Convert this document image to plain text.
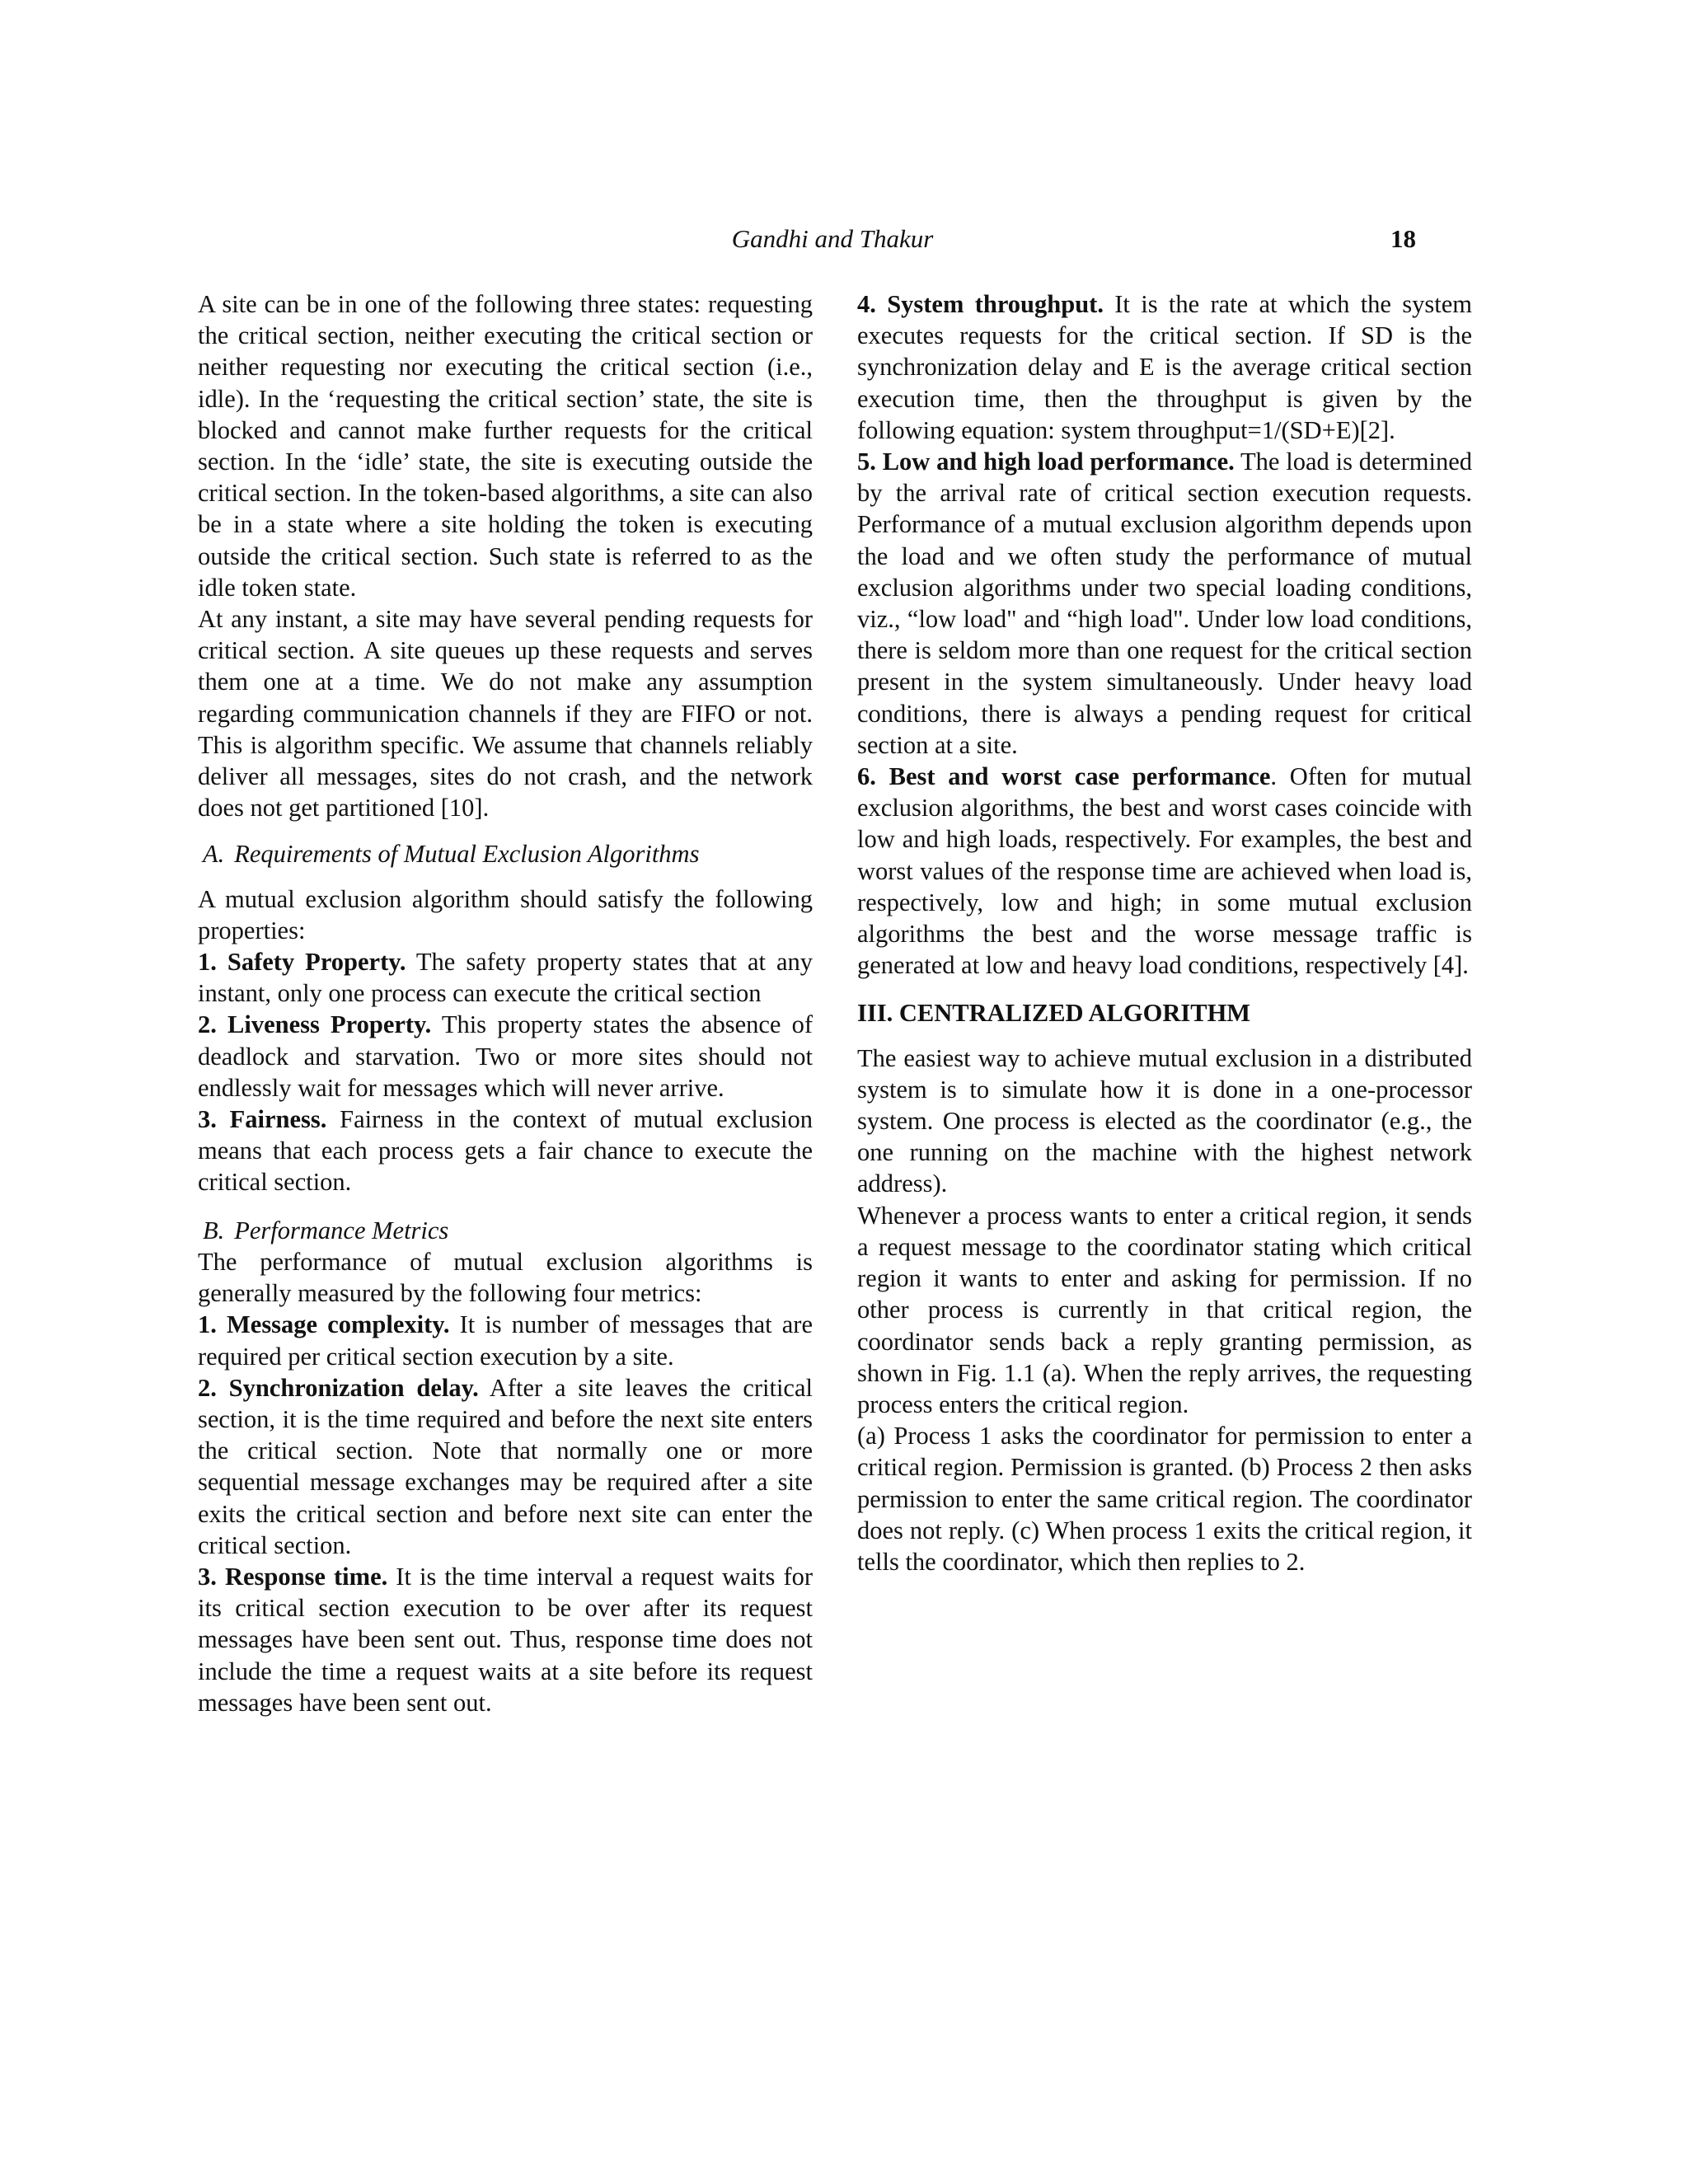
Gandhi and Thakur	18

A site can be in one of the following three states: requesting the critical section, neither executing the critical section or neither requesting nor executing the critical section (i.e., idle). In the ‘requesting the critical section’ state, the site is blocked and cannot make further requests for the critical section. In the ‘idle’ state, the site is executing outside the critical section. In the token-based algorithms, a site can also be in a state where a site holding the token is executing outside the critical section. Such state is referred to as the idle token state.

At any instant, a site may have several pending requests for critical section. A site queues up these requests and serves them one at a time. We do not make any assumption regarding communication channels if they are FIFO or not. This is algorithm specific. We assume that channels reliably deliver all messages, sites do not crash, and the network does not get partitioned [10].

A. Requirements of Mutual Exclusion Algorithms

A mutual exclusion algorithm should satisfy the following properties:

1. Safety Property. The safety property states that at any instant, only one process can execute the critical section

2. Liveness Property. This property states the absence of deadlock and starvation. Two or more sites should not endlessly wait for messages which will never arrive.

3. Fairness. Fairness in the context of mutual exclusion means that each process gets a fair chance to execute the critical section.

B. Performance Metrics

The performance of mutual exclusion algorithms is generally measured by the following four metrics:

1. Message complexity. It is number of messages that are required per critical section execution by a site.

2. Synchronization delay. After a site leaves the critical section, it is the time required and before the next site enters the critical section. Note that normally one or more sequential message exchanges may be required after a site exits the critical section and before next site can enter the critical section.

3. Response time. It is the time interval a request waits for its critical section execution to be over after its request messages have been sent out. Thus, response time does not include the time a request waits at a site before its request messages have been sent out.

4. System throughput. It is the rate at which the system executes requests for the critical section. If SD is the synchronization delay and E is the average critical section execution time, then the throughput is given by the following equation: system throughput=1/(SD+E)[2].

5. Low and high load performance. The load is determined by the arrival rate of critical section execution requests. Performance of a mutual exclusion algorithm depends upon the load and we often study the performance of mutual exclusion algorithms under two special loading conditions, viz., “low load" and “high load". Under low load conditions, there is seldom more than one request for the critical section present in the system simultaneously. Under heavy load conditions, there is always a pending request for critical section at a site.

6. Best and worst case performance. Often for mutual exclusion algorithms, the best and worst cases coincide with low and high loads, respectively. For examples, the best and worst values of the response time are achieved when load is, respectively, low and high; in some mutual exclusion algorithms the best and the worse message traffic is generated at low and heavy load conditions, respectively [4].

III. CENTRALIZED ALGORITHM

The easiest way to achieve mutual exclusion in a distributed system is to simulate how it is done in a one-processor system. One process is elected as the coordinator (e.g., the one running on the machine with the highest network address).

Whenever a process wants to enter a critical region, it sends a request message to the coordinator stating which critical region it wants to enter and asking for permission. If no other process is currently in that critical region, the coordinator sends back a reply granting permission, as shown in Fig. 1.1 (a). When the reply arrives, the requesting process enters the critical region.

(a) Process 1 asks the coordinator for permission to enter a critical region. Permission is granted. (b) Process 2 then asks permission to enter the same critical region. The coordinator does not reply. (c) When process 1 exits the critical region, it tells the coordinator, which then replies to 2.
